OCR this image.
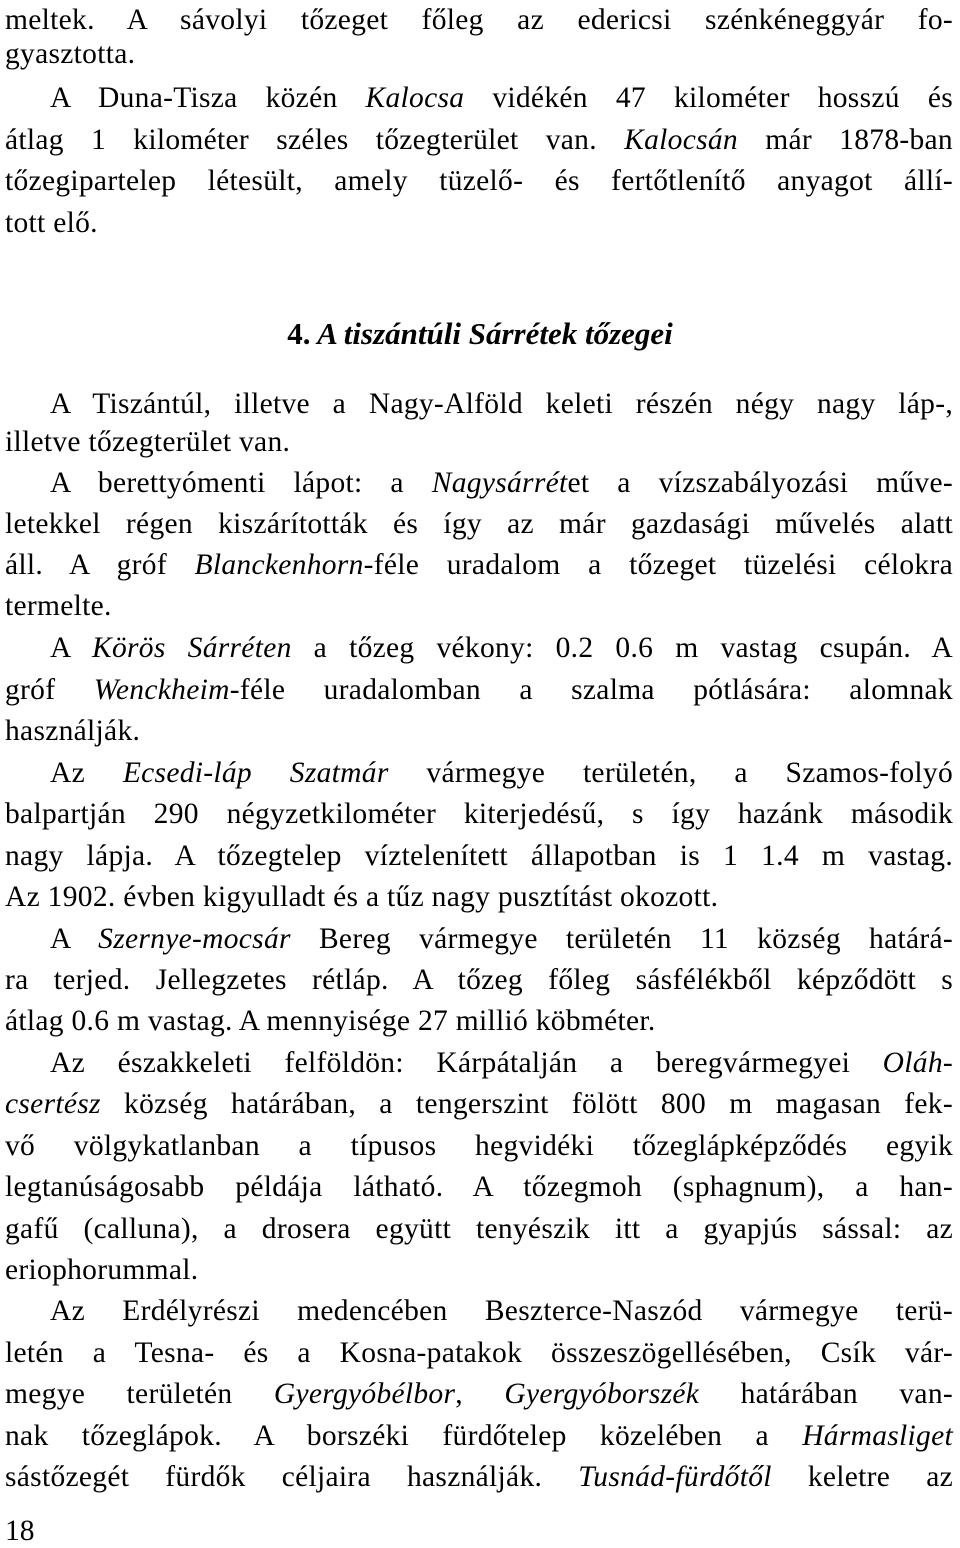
meltek. A sávolyi tőzeget főleg az edericsi szénkéneggyár fo-
gyasztotta.
A Duna-Tisza közén Kalocsa vidékén 47 kilométer hosszú és
átlag 1 kilométer széles tőzegterület van. Kalocsán már 1878-ban
tőzegipartelep létesült, amely tüzelő- és fertőtlenítő anyagot állí-
tott elő.
4. A tiszántúli Sárrétek tőzegei
A Tiszántúl, illetve a Nagy-Alföld keleti részén négy nagy láp-,
illetve tőzegterület van.
A berettyómenti lápot: a Nagysárrétet a vízszabályozási műve-
letekkel régen kiszárították és így az már gazdasági művelés alatt
áll. A gróf Blanckenhorn-féle uradalom a tőzeget tüzelési célokra
termelte.
A Körös Sárréten a tőzeg vékony: 0.2 0.6 m vastag csupán. A
gróf Wenckheim-féle uradalomban a szalma pótlására: alomnak
használják.
Az Ecsedi-láp Szatmár vármegye területén, a Szamos-folyó
balpartján 290 négyzetkilométer kiterjedésű, s így hazánk második
nagy lápja. A tőzegtelep víztelenített állapotban is 1 1.4 m vastag.
Az 1902. évben kigyulladt és a tűz nagy pusztítást okozott.
A Szernye-mocsár Bereg vármegye területén 11 község határá-
ra terjed. Jellegzetes rétláp. A tőzeg főleg sásfélékből képződött s
átlag 0.6 m vastag. A mennyisége 27 millió köbméter.
Az északkeleti felföldön: Kárpátalján a beregvármegyei Oláh-
csertész község határában, a tengerszint fölött 800 m magasan fek-
vő völgykatlanban a típusos hegvidéki tőzeglápképződés egyik
legtanúságosabb példája látható. A tőzegmoh (sphagnum), a han-
gafű (calluna), a drosera együtt tenyészik itt a gyapjús sással: az
eriophorummal.
Az Erdélyrészi medencében Beszterce-Naszód vármegye terü-
letén a Tesna- és a Kosna-patakok összeszögellésében, Csík vár-
megye területén Gyergyóbélbor, Gyergyóborszék határában van-
nak tőzeglápok. A borszéki fürdőtelep közelében a Hármasliget
sástőzegét fürdők céljaira használják. Tusnád-fürdőtől keletre az
18
